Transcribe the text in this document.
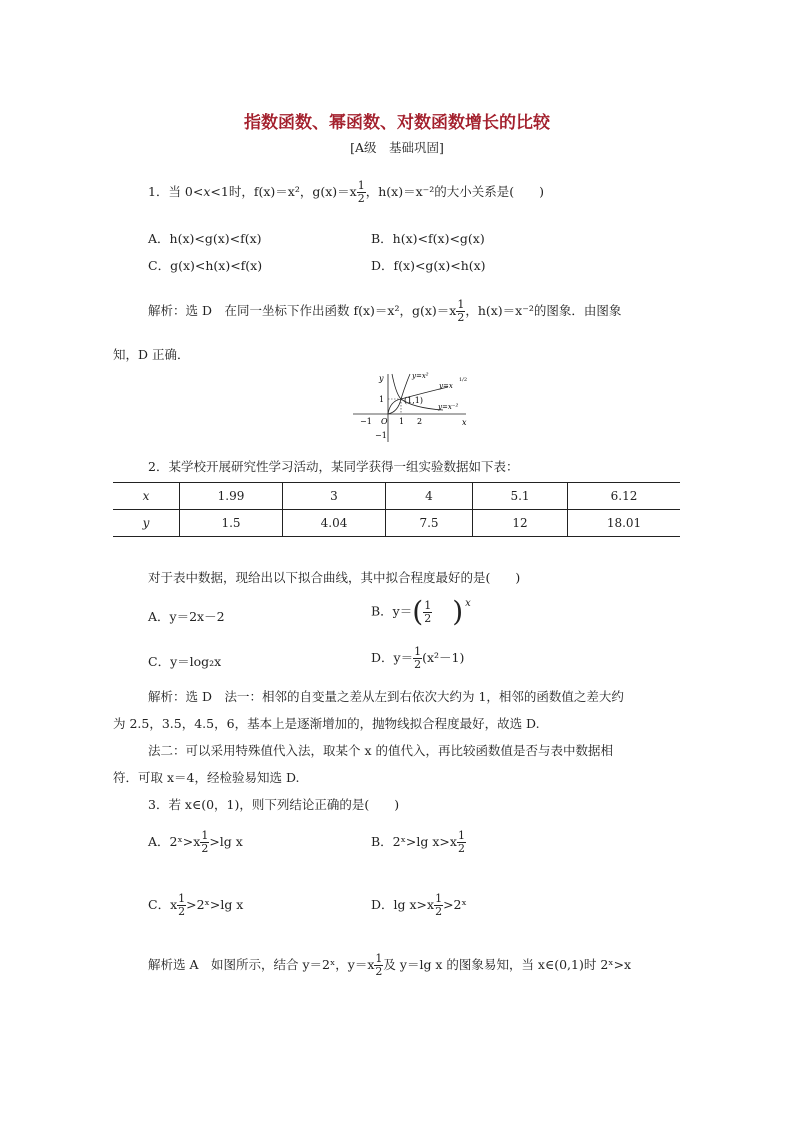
指数函数、幂函数、对数函数增长的比较
[A级　基础巩固]
1．当 0<x<1时，f(x)＝x²，$g(x)=x \frac{1}{2}$ ，h(x)＝x⁻²的大小关系是(　　)
A．h(x)<g(x)<f(x)	B．h(x)<f(x)<g(x)
C．g(x)<h(x)<f(x)	D．f(x)<g(x)<h(x)
解析：选 D　在同一坐标下作出函数 f(x)＝x²，$g(x)=x \frac{1}{2}$ ，h(x)＝x⁻²的图象．由图象
知，D 正确．
y
x
O
1
−1
−1	1 2
(1,1)
y=x²
y=x
1/2
y=x⁻²
2．某学校开展研究性学习活动，某同学获得一组实验数据如下表：
x	1.99	3	4	5.1	6.12
y	1.5	4.04	7.5	12	18.01
对于表中数据，现给出以下拟合曲线，其中拟合程度最好的是(　　)
A．y＝2x－2	B．$y=( \frac{1}{2}$ ) $^x$
C．y＝log₂x	D．$y= \frac{1}{2} (x^2-1)$
解析：选 D　法一：相邻的自变量之差从左到右依次大约为 1，相邻的函数值之差大约
为 2.5，3.5，4.5，6，基本上是逐渐增加的，抛物线拟合程度最好，故选 D.
法二：可以采用特殊值代入法，取某个 x 的值代入，再比较函数值是否与表中数据相
符．可取 x＝4，经检验易知选 D.
3．若 x∈(0，1)，则下列结论正确的是(　　)
A．2ˣ>x $\frac{1}{2} >\lg$ x	B．2ˣ>lg $x>x \frac{1}{2}$
C．x $\frac{1}{2}$ >2ˣ>lg x	D．$\lg x>x \frac{1}{2}$ >2ˣ
解析选 A　如图所示，结合 y＝2ˣ，$y=x \frac{1}{2}$ 及 y＝lg x 的图象易知，当 x∈(0,1)时 2ˣ>x
